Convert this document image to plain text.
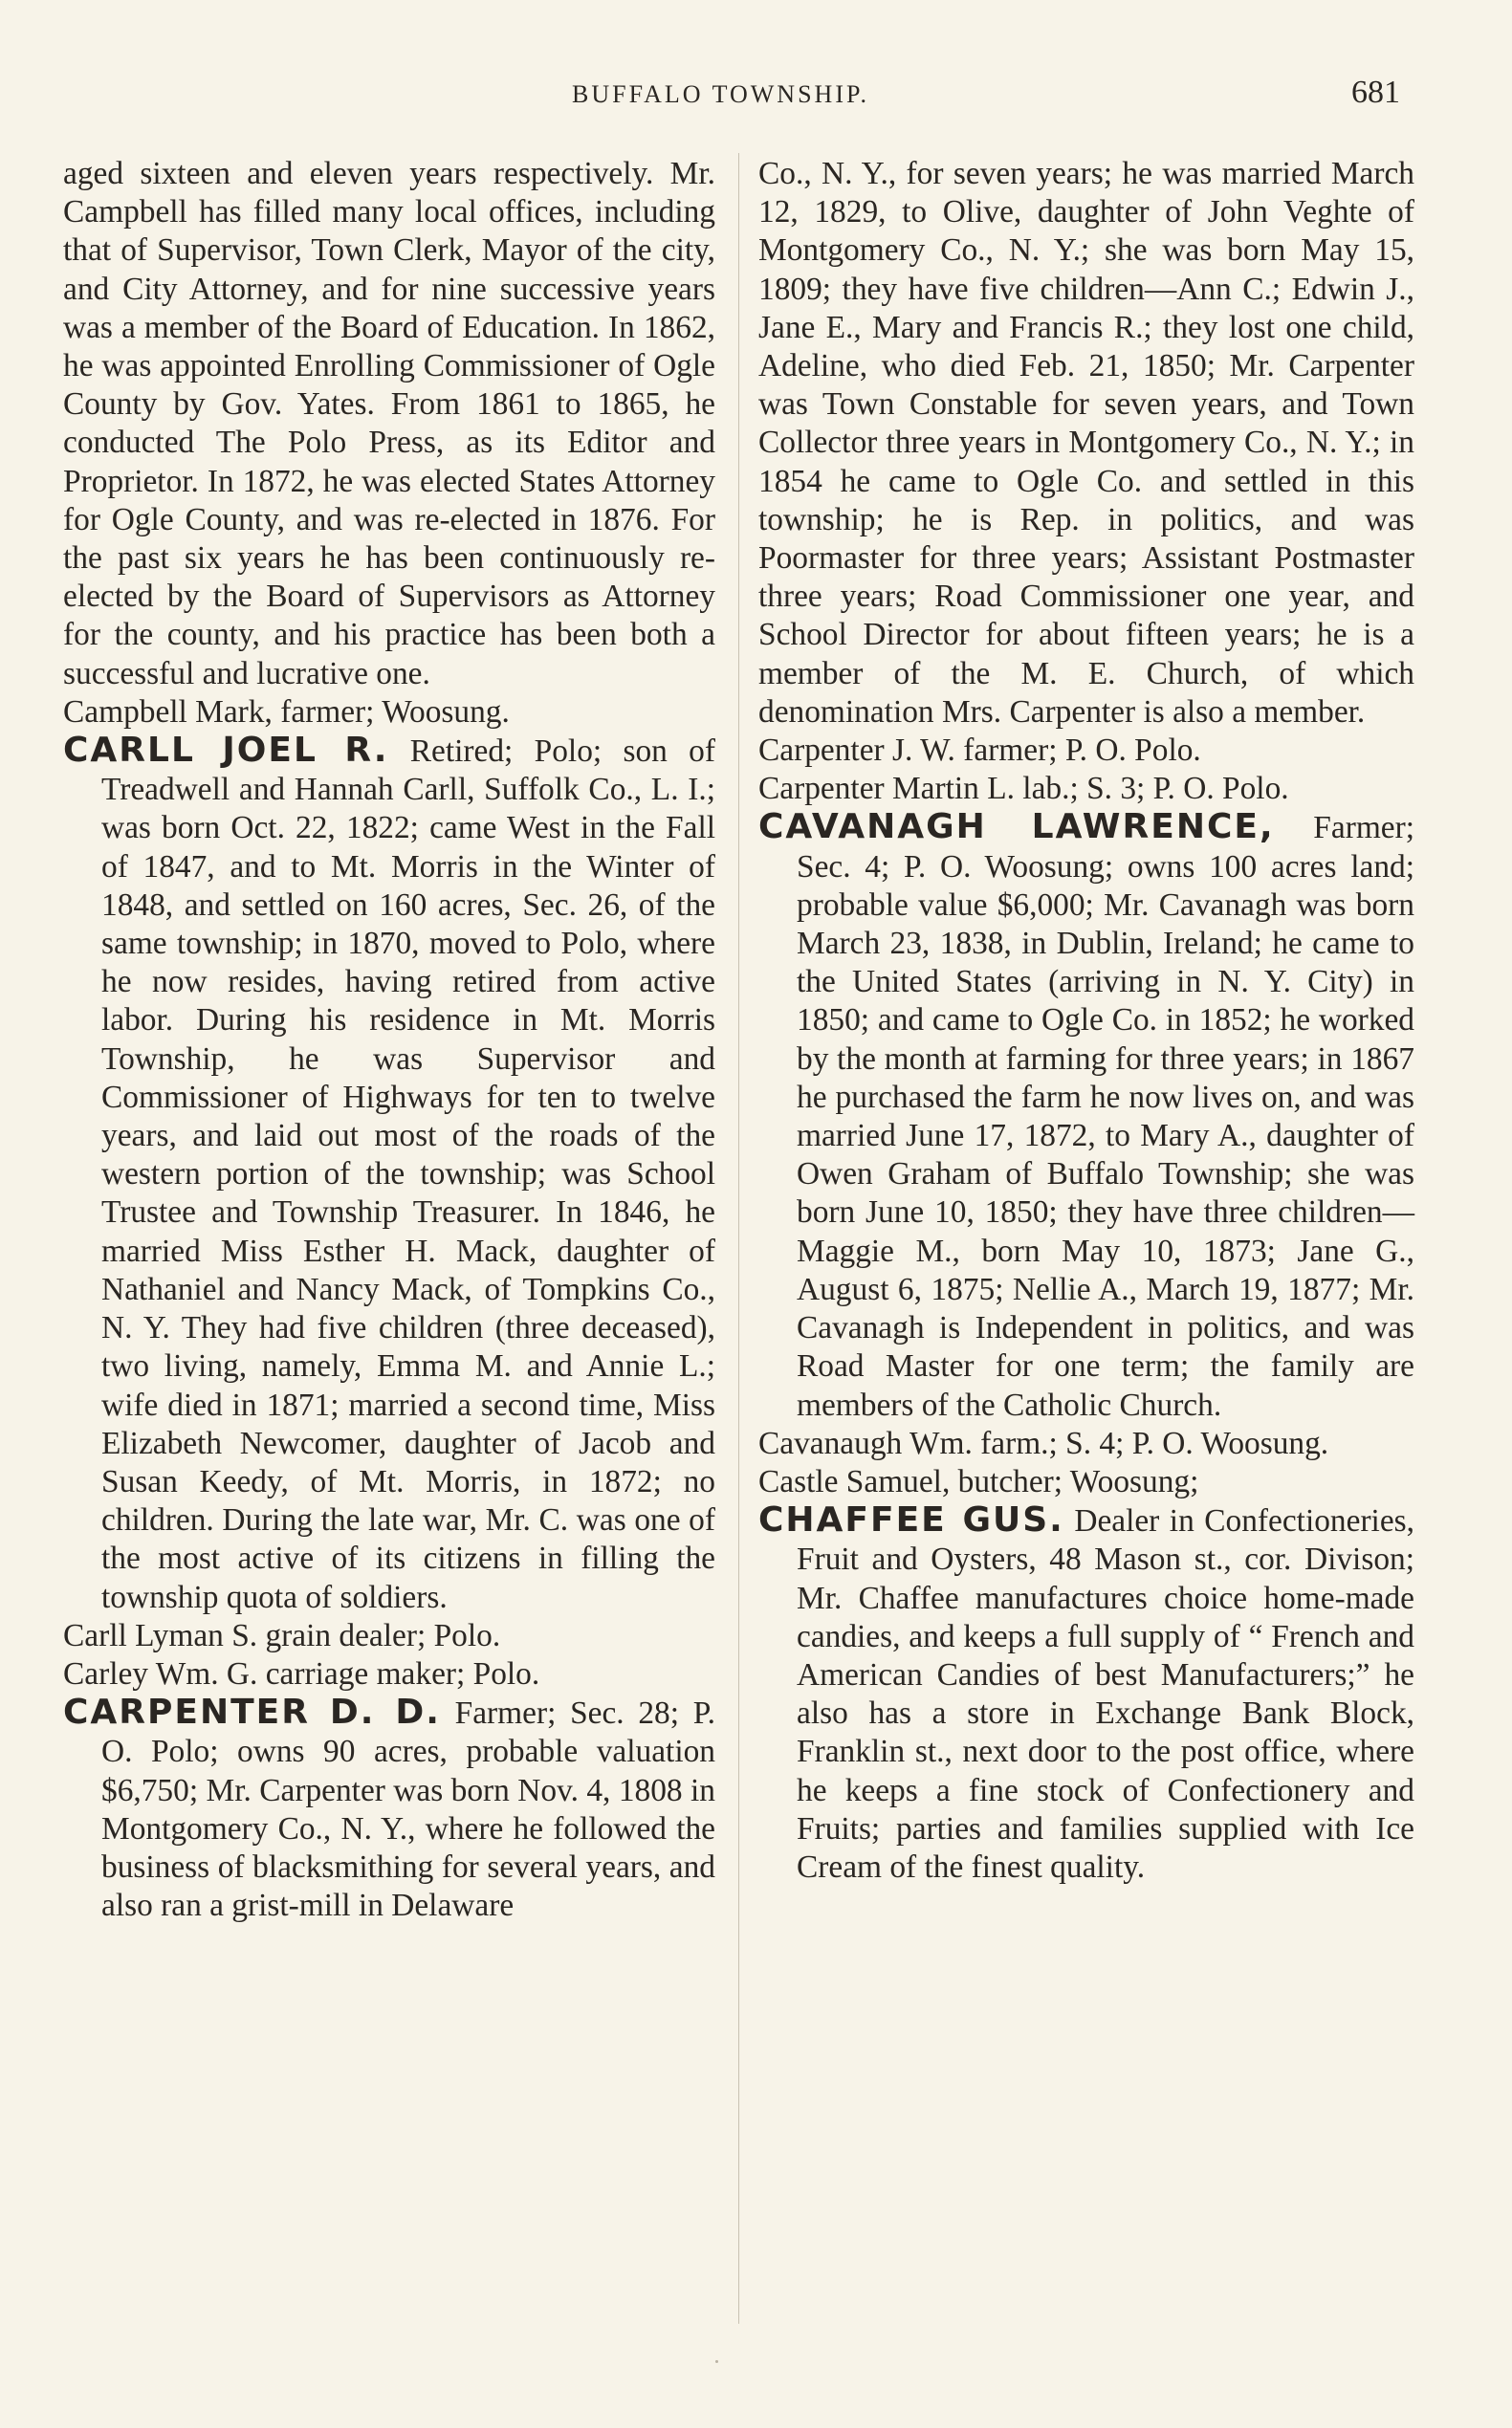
BUFFALO TOWNSHIP.	681

aged sixteen and eleven years respectively. Mr. Campbell has filled many local offices, including that of Supervisor, Town Clerk, Mayor of the city, and City Attorney, and for nine successive years was a member of the Board of Education. In 1862, he was appointed Enrolling Commissioner of Ogle County by Gov. Yates. From 1861 to 1865, he conducted The Polo Press, as its Editor and Proprietor. In 1872, he was elected States Attorney for Ogle County, and was re-elected in 1876. For the past six years he has been continuously re-elected by the Board of Supervisors as Attorney for the county, and his practice has been both a successful and lucrative one.

Campbell Mark, farmer; Woosung.

CARLL JOEL R. Retired; Polo; son of Treadwell and Hannah Carll, Suffolk Co., L. I.; was born Oct. 22, 1822; came West in the Fall of 1847, and to Mt. Morris in the Winter of 1848, and settled on 160 acres, Sec. 26, of the same township; in 1870, moved to Polo, where he now resides, having retired from active labor. During his residence in Mt. Morris Township, he was Supervisor and Commissioner of Highways for ten to twelve years, and laid out most of the roads of the western portion of the township; was School Trustee and Township Treasurer. In 1846, he married Miss Esther H. Mack, daughter of Nathaniel and Nancy Mack, of Tompkins Co., N. Y. They had five children (three deceased), two living, namely, Emma M. and Annie L.; wife died in 1871; married a second time, Miss Elizabeth Newcomer, daughter of Jacob and Susan Keedy, of Mt. Morris, in 1872; no children. During the late war, Mr. C. was one of the most active of its citizens in filling the township quota of soldiers.

Carll Lyman S. grain dealer; Polo.

Carley Wm. G. carriage maker; Polo.

CARPENTER D. D. Farmer; Sec. 28; P. O. Polo; owns 90 acres, probable valuation $6,750; Mr. Carpenter was born Nov. 4, 1808 in Montgomery Co., N. Y., where he followed the business of blacksmithing for several years, and also ran a grist-mill in Delaware

Co., N. Y., for seven years; he was married March 12, 1829, to Olive, daughter of John Veghte of Montgomery Co., N. Y.; she was born May 15, 1809; they have five children—Ann C.; Edwin J., Jane E., Mary and Francis R.; they lost one child, Adeline, who died Feb. 21, 1850; Mr. Carpenter was Town Constable for seven years, and Town Collector three years in Montgomery Co., N. Y.; in 1854 he came to Ogle Co. and settled in this township; he is Rep. in politics, and was Poormaster for three years; Assistant Postmaster three years; Road Commissioner one year, and School Director for about fifteen years; he is a member of the M. E. Church, of which denomination Mrs. Carpenter is also a member.

Carpenter J. W. farmer; P. O. Polo.

Carpenter Martin L. lab.; S. 3; P. O. Polo.

CAVANAGH LAWRENCE, Farmer; Sec. 4; P. O. Woosung; owns 100 acres land; probable value $6,000; Mr. Cavanagh was born March 23, 1838, in Dublin, Ireland; he came to the United States (arriving in N. Y. City) in 1850; and came to Ogle Co. in 1852; he worked by the month at farming for three years; in 1867 he purchased the farm he now lives on, and was married June 17, 1872, to Mary A., daughter of Owen Graham of Buffalo Township; she was born June 10, 1850; they have three children—Maggie M., born May 10, 1873; Jane G., August 6, 1875; Nellie A., March 19, 1877; Mr. Cavanagh is Independent in politics, and was Road Master for one term; the family are members of the Catholic Church.

Cavanaugh Wm. farm.; S. 4; P. O. Woosung.

Castle Samuel, butcher; Woosung;

CHAFFEE GUS. Dealer in Confectioneries, Fruit and Oysters, 48 Mason st., cor. Divison; Mr. Chaffee manufactures choice home-made candies, and keeps a full supply of “ French and American Candies of best Manufacturers;” he also has a store in Exchange Bank Block, Franklin st., next door to the post office, where he keeps a fine stock of Confectionery and Fruits; parties and families supplied with Ice Cream of the finest quality.
